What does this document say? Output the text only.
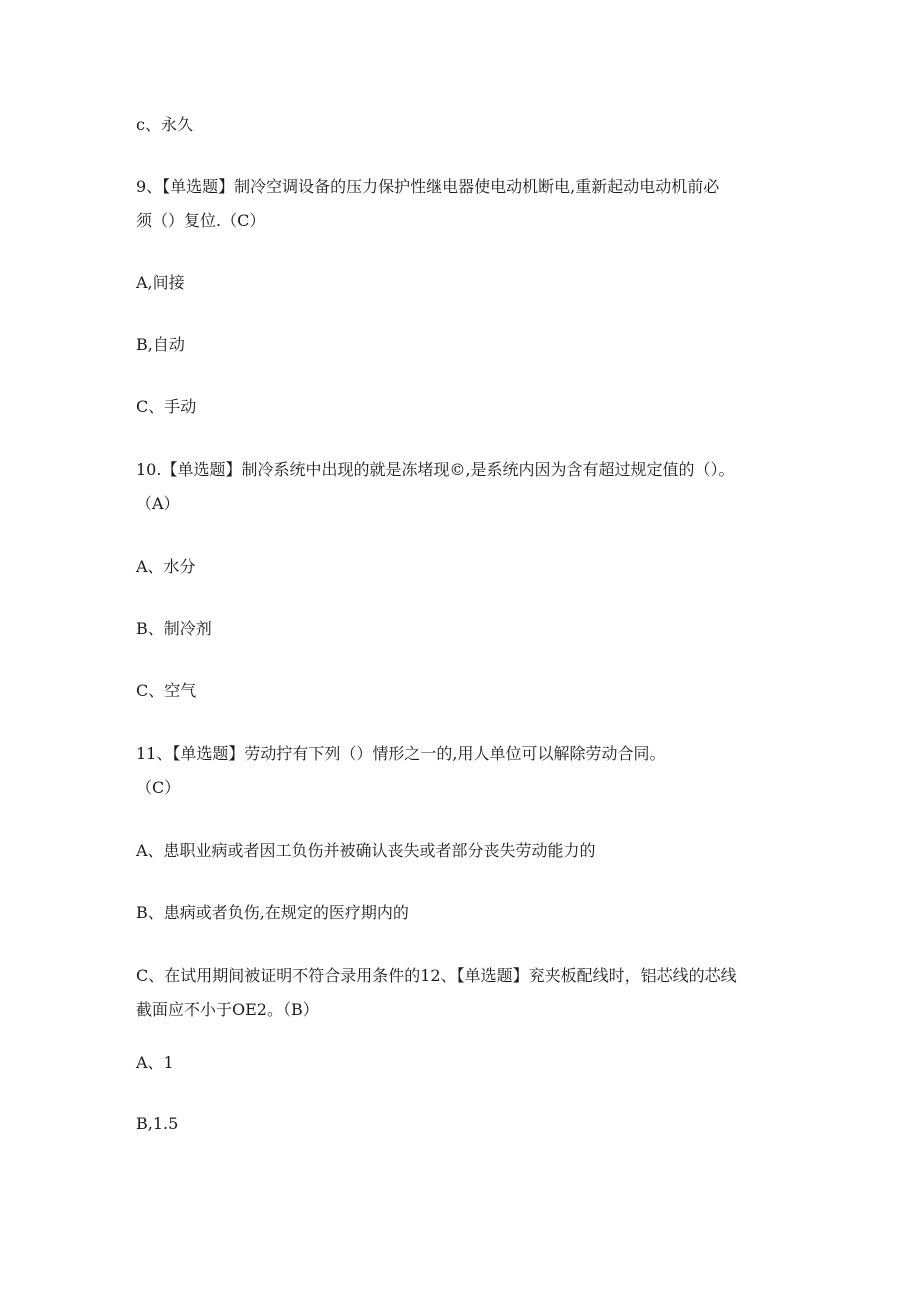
c、永久

9、【单选题】制冷空调设备的压力保护性继电器使电动机断电,重新起动电动机前必

须（）复位.（C）

A,间接

B,自动

C、手动

10.【单选题】制冷系统中出现的就是冻堵现©,是系统内因为含有超过规定值的（）。

（A）

A、水分

B、制冷剂

C、空气

11、【单选题】劳动拧有下列（）情形之一的,用人单位可以解除劳动合同。

（C）

A、患职业病或者因工负伤并被确认丧失或者部分丧失劳动能力的

B、患病或者负伤,在规定的医疗期内的

C、在试用期间被证明不符合录用条件的12、【单选题】兖夹板配线时，铝芯线的芯线

截面应不小于OE2。（B）

A、1

B,1.5
